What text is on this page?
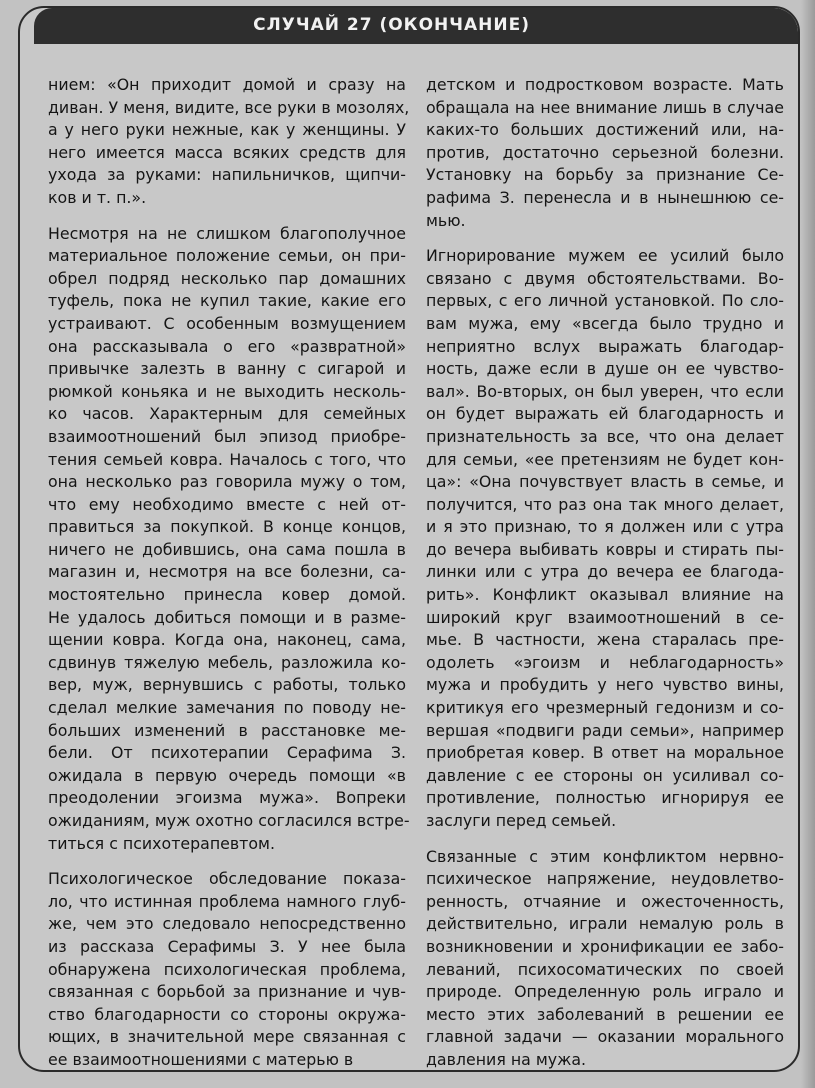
СЛУЧАЙ 27 (ОКОНЧАНИЕ)
нием: «Он приходит домой и сразу на
диван. У меня, видите, все руки в мозолях,
а у него руки нежные, как у женщины. У
него имеется масса всяких средств для
ухода за руками: напильничков, щипчи-
ков и т. п.».
Несмотря на не слишком благополучное
материальное положение семьи, он при-
обрел подряд несколько пар домашних
туфель, пока не купил такие, какие его
устраивают. С особенным возмущением
она рассказывала о его «развратной»
привычке залезть в ванну с сигарой и
рюмкой коньяка и не выходить несколь-
ко часов. Характерным для семейных
взаимоотношений был эпизод приобре-
тения семьей ковра. Началось с того, что
она несколько раз говорила мужу о том,
что ему необходимо вместе с ней от-
правиться за покупкой. В конце концов,
ничего не добившись, она сама пошла в
магазин и, несмотря на все болезни, са-
мостоятельно принесла ковер домой.
Не удалось добиться помощи и в разме-
щении ковра. Когда она, наконец, сама,
сдвинув тяжелую мебель, разложила ко-
вер, муж, вернувшись с работы, только
сделал мелкие замечания по поводу не-
больших изменений в расстановке ме-
бели. От психотерапии Серафима З.
ожидала в первую очередь помощи «в
преодолении эгоизма мужа». Вопреки
ожиданиям, муж охотно согласился встре-
титься с психотерапевтом.
Психологическое обследование показа-
ло, что истинная проблема намного глуб-
же, чем это следовало непосредственно
из рассказа Серафимы З. У нее была
обнаружена психологическая проблема,
связанная с борьбой за признание и чув-
ство благодарности со стороны окружа-
ющих, в значительной мере связанная с
ее взаимоотношениями с матерью в
детском и подростковом возрасте. Мать
обращала на нее внимание лишь в случае
каких-то больших достижений или, на-
против, достаточно серьезной болезни.
Установку на борьбу за признание Се-
рафима З. перенесла и в нынешнюю се-
мью.
Игнорирование мужем ее усилий было
связано с двумя обстоятельствами. Во-
первых, с его личной установкой. По сло-
вам мужа, ему «всегда было трудно и
неприятно вслух выражать благодар-
ность, даже если в душе он ее чувство-
вал». Во-вторых, он был уверен, что если
он будет выражать ей благодарность и
признательность за все, что она делает
для семьи, «ее претензиям не будет кон-
ца»: «Она почувствует власть в семье, и
получится, что раз она так много делает,
и я это признаю, то я должен или с утра
до вечера выбивать ковры и стирать пы-
линки или с утра до вечера ее благода-
рить». Конфликт оказывал влияние на
широкий круг взаимоотношений в се-
мье. В частности, жена старалась пре-
одолеть «эгоизм и неблагодарность»
мужа и пробудить у него чувство вины,
критикуя его чрезмерный гедонизм и со-
вершая «подвиги ради семьи», например
приобретая ковер. В ответ на моральное
давление с ее стороны он усиливал со-
противление, полностью игнорируя ее
заслуги перед семьей.
Связанные с этим конфликтом нервно-
психическое напряжение, неудовлетво-
ренность, отчаяние и ожесточенность,
действительно, играли немалую роль в
возникновении и хронификации ее забо-
леваний, психосоматических по своей
природе. Определенную роль играло и
место этих заболеваний в решении ее
главной задачи — оказании морального
давления на мужа.
